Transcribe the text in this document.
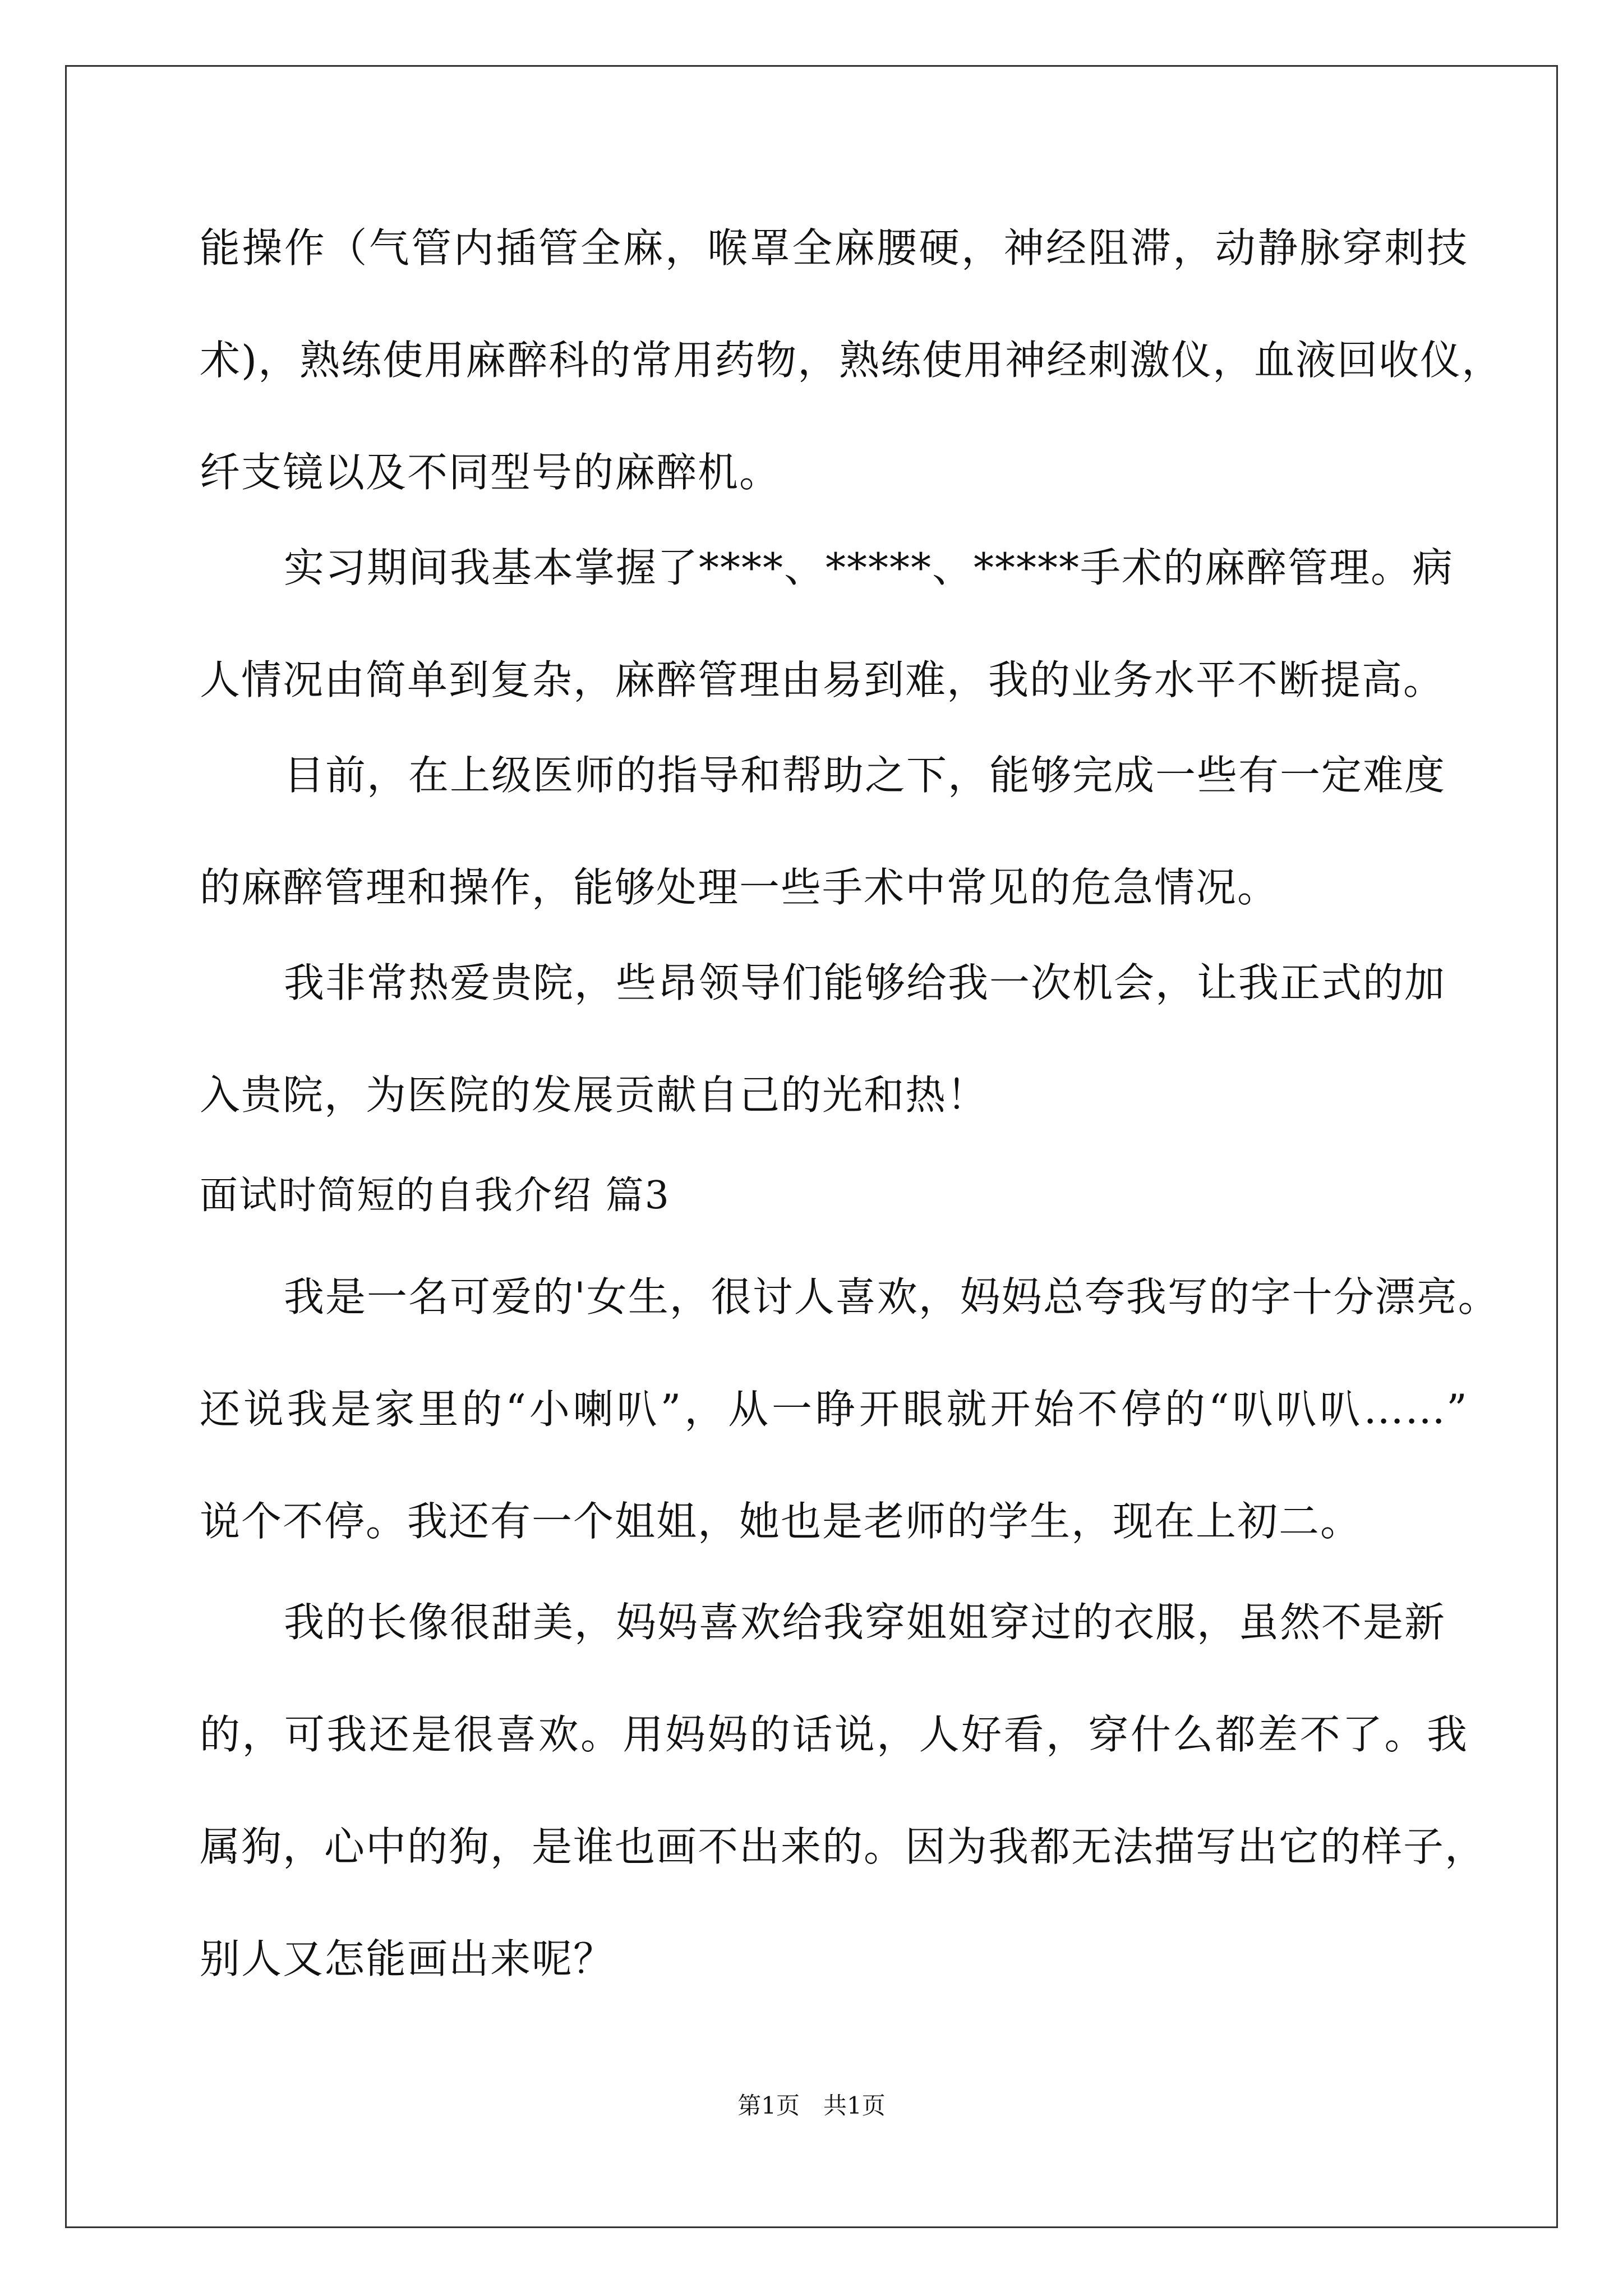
能操作（气管内插管全麻，喉罩全麻腰硬，神经阻滞，动静脉穿刺技
术)，熟练使用麻醉科的常用药物，熟练使用神经刺激仪，血液回收仪，
纤支镜以及不同型号的麻醉机。
实习期间我基本掌握了****、*****、*****手术的麻醉管理。病
人情况由简单到复杂，麻醉管理由易到难，我的业务水平不断提高。
目前，在上级医师的指导和帮助之下，能够完成一些有一定难度
的麻醉管理和操作，能够处理一些手术中常见的危急情况。
我非常热爱贵院，些昂领导们能够给我一次机会，让我正式的加
入贵院，为医院的发展贡献自己的光和热！
面试时简短的自我介绍 篇3
我是一名可爱的'女生，很讨人喜欢，妈妈总夸我写的字十分漂亮。
还说我是家里的“小喇叭”，从一睁开眼就开始不停的“叭叭叭……”
说个不停。我还有一个姐姐，她也是老师的学生，现在上初二。
我的长像很甜美，妈妈喜欢给我穿姐姐穿过的衣服，虽然不是新
的，可我还是很喜欢。用妈妈的话说，人好看，穿什么都差不了。我
属狗，心中的狗，是谁也画不出来的。因为我都无法描写出它的样子，
别人又怎能画出来呢？
第1页　共1页
